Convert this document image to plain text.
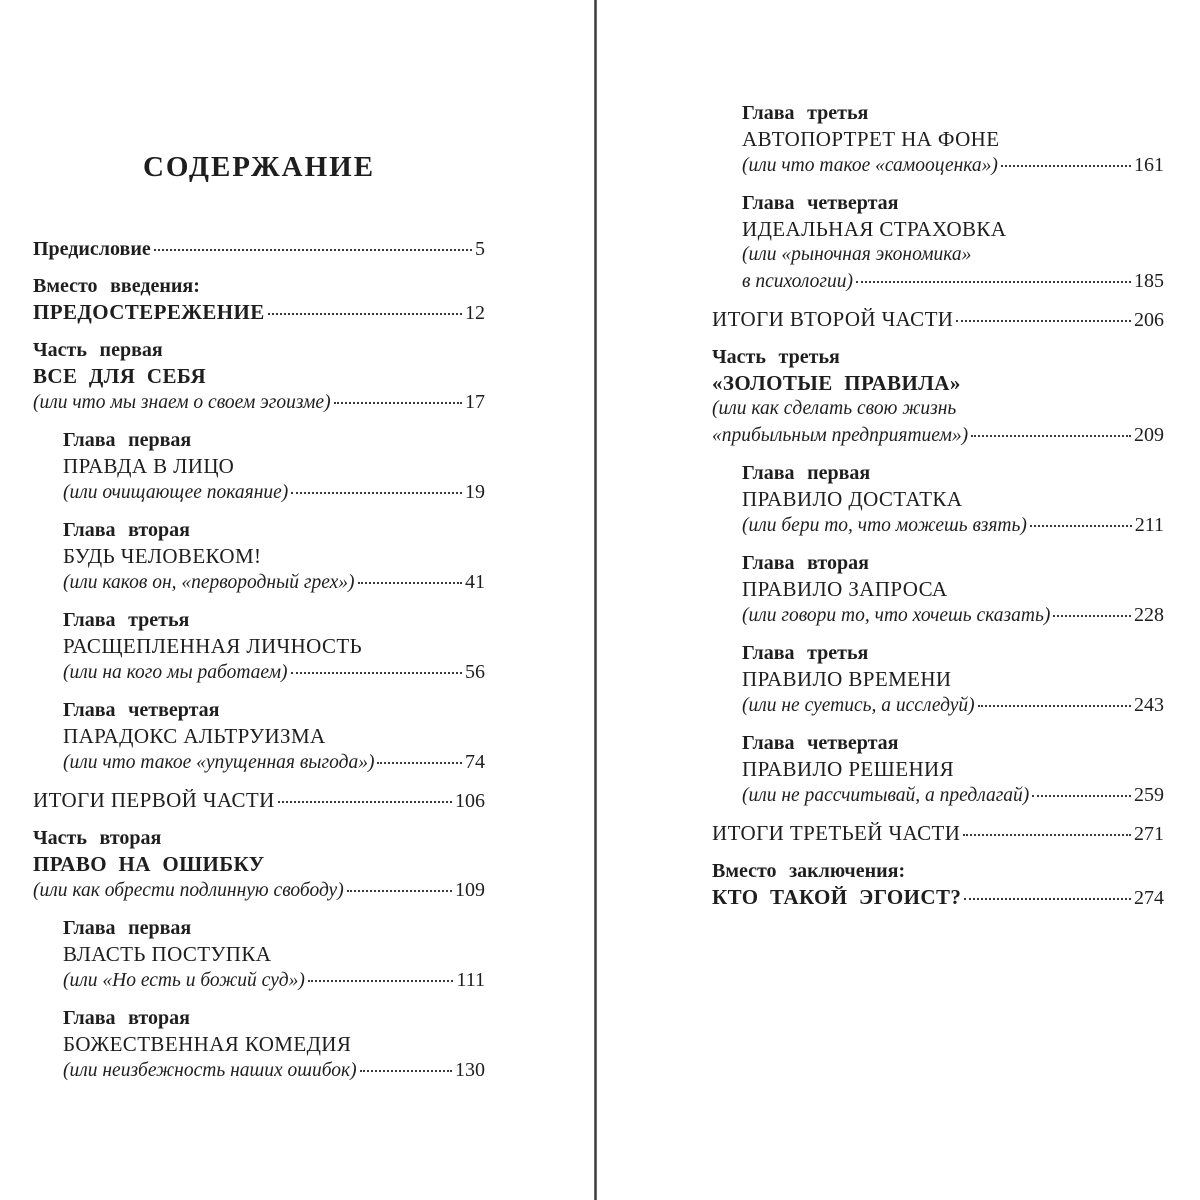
СОДЕРЖАНИЕ
Предисловие	5
Вместо введения:
ПРЕДОСТЕРЕЖЕНИЕ	12
Часть первая
ВСЕ ДЛЯ СЕБЯ
(или что мы знаем о своем эгоизме)	17
Глава первая
ПРАВДА В ЛИЦО
(или очищающее покаяние)	19
Глава вторая
БУДЬ ЧЕЛОВЕКОМ!
(или каков он, «первородный грех»)	41
Глава третья
РАСЩЕПЛЕННАЯ ЛИЧНОСТЬ
(или на кого мы работаем)	56
Глава четвертая
ПАРАДОКС АЛЬТРУИЗМА
(или что такое «упущенная выгода»)	74
ИТОГИ ПЕРВОЙ ЧАСТИ	106
Часть вторая
ПРАВО НА ОШИБКУ
(или как обрести подлинную свободу)	109
Глава первая
ВЛАСТЬ ПОСТУПКА
(или «Но есть и божий суд»)	111
Глава вторая
БОЖЕСТВЕННАЯ КОМЕДИЯ
(или неизбежность наших ошибок)	130
Глава третья
АВТОПОРТРЕТ НА ФОНЕ
(или что такое «самооценка»)	161
Глава четвертая
ИДЕАЛЬНАЯ СТРАХОВКА
(или «рыночная экономика»
в психологии)	185
ИТОГИ ВТОРОЙ ЧАСТИ	206
Часть третья
«ЗОЛОТЫЕ ПРАВИЛА»
(или как сделать свою жизнь
«прибыльным предприятием»)	209
Глава первая
ПРАВИЛО ДОСТАТКА
(или бери то, что можешь взять)	211
Глава вторая
ПРАВИЛО ЗАПРОСА
(или говори то, что хочешь сказать)	228
Глава третья
ПРАВИЛО ВРЕМЕНИ
(или не суетись, а исследуй)	243
Глава четвертая
ПРАВИЛО РЕШЕНИЯ
(или не рассчитывай, а предлагай)	259
ИТОГИ ТРЕТЬЕЙ ЧАСТИ	271
Вместо заключения:
КТО ТАКОЙ ЭГОИСТ?	274
